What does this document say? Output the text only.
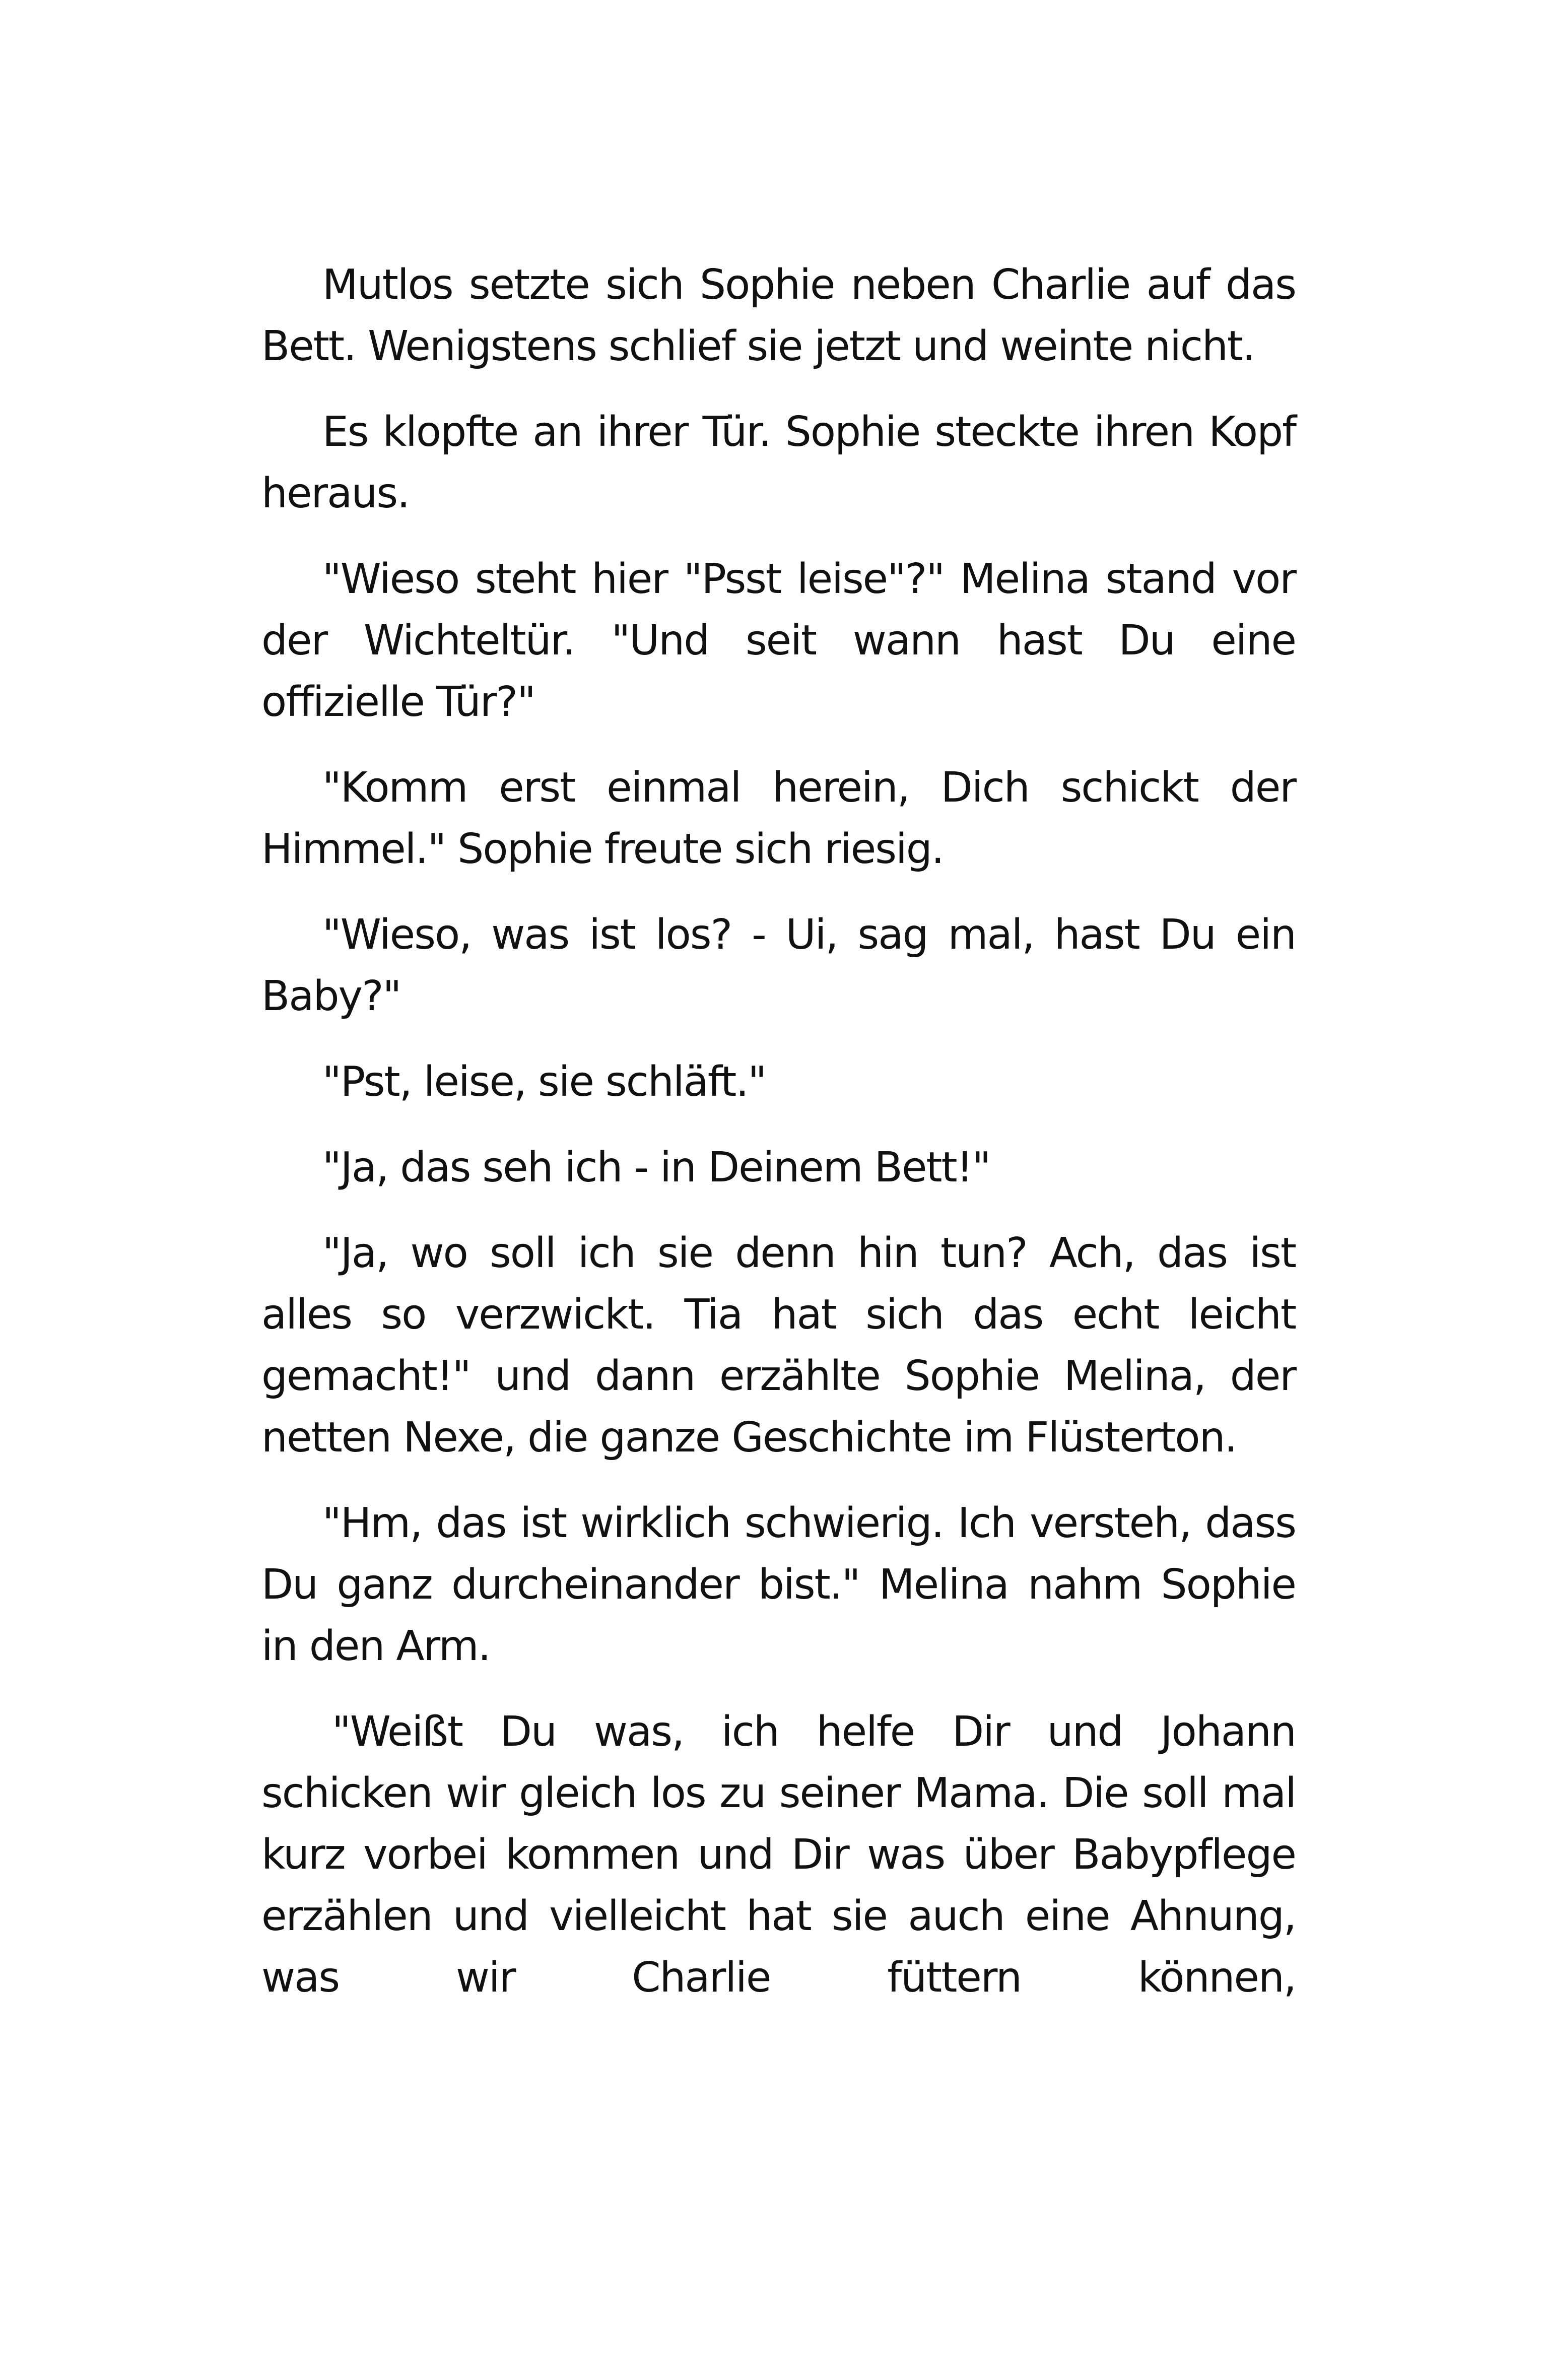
Mutlos setzte sich Sophie neben Charlie auf das Bett. Wenigstens schlief sie jetzt und weinte nicht.

Es klopfte an ihrer Tür. Sophie steckte ihren Kopf heraus.

"Wieso steht hier "Psst leise"?" Melina stand vor der Wichteltür. "Und seit wann hast Du eine offizielle Tür?"

"Komm erst einmal herein, Dich schickt der Himmel." Sophie freute sich riesig.

"Wieso, was ist los? - Ui, sag mal, hast Du ein Baby?"

"Pst, leise, sie schläft."

"Ja, das seh ich - in Deinem Bett!"

"Ja, wo soll ich sie denn hin tun? Ach, das ist alles so verzwickt. Tia hat sich das echt leicht gemacht!" und dann erzählte Sophie Melina, der netten Nexe, die ganze Geschichte im Flüsterton.

"Hm, das ist wirklich schwierig. Ich versteh, dass Du ganz durcheinander bist." Melina nahm Sophie in den Arm.

"Weißt Du was, ich helfe Dir und Johann schicken wir gleich los zu seiner Mama. Die soll mal kurz vorbei kommen und Dir was über Babypflege erzählen und vielleicht hat sie auch eine Ahnung, was wir Charlie füttern können,
